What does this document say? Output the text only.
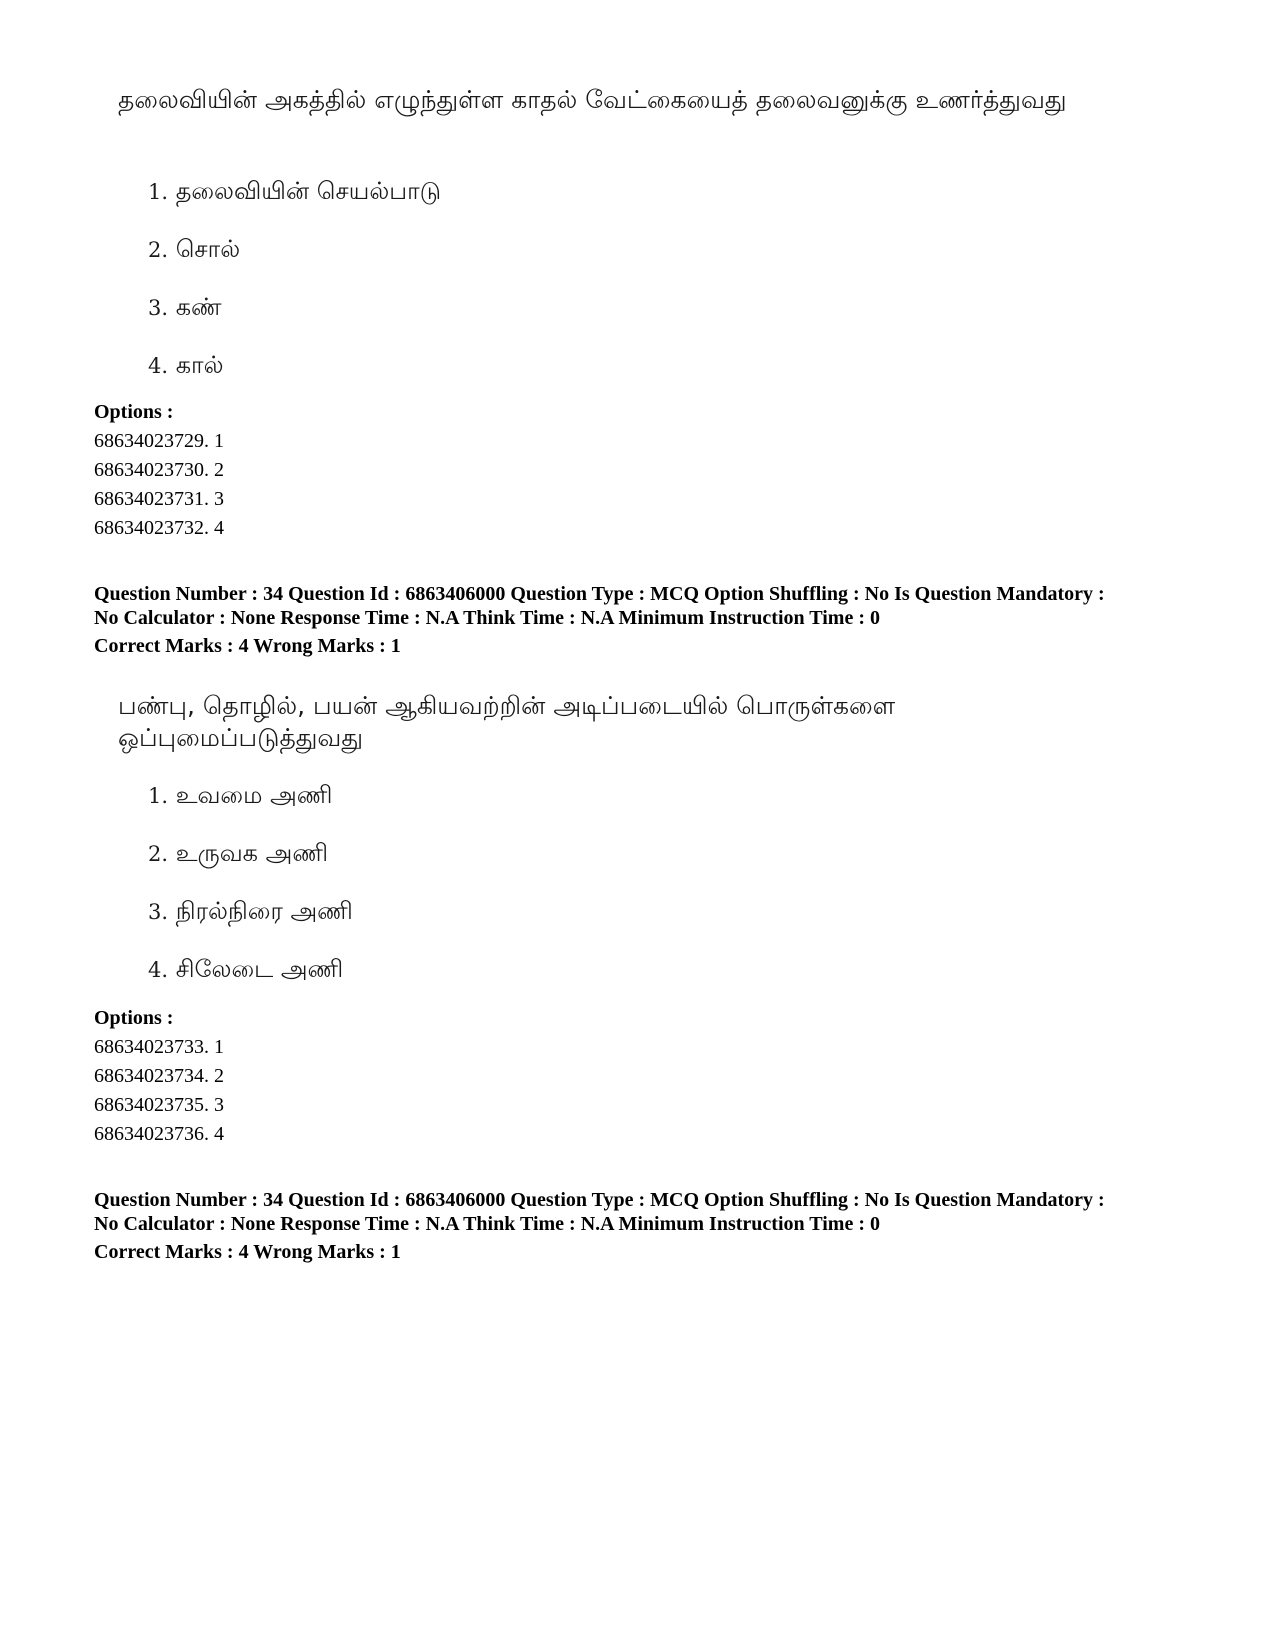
தலைவியின் அகத்தில் எழுந்துள்ள காதல் வேட்கையைத் தலைவனுக்கு உணர்த்துவது
1. தலைவியின் செயல்பாடு
2. சொல்
3. கண்
4. கால்
Options :
68634023729. 1
68634023730. 2
68634023731. 3
68634023732. 4
Question Number : 34 Question Id : 6863406000 Question Type : MCQ Option Shuffling : No Is Question Mandatory :
No Calculator : None Response Time : N.A Think Time : N.A Minimum Instruction Time : 0
Correct Marks : 4 Wrong Marks : 1
பண்பு, தொழில், பயன் ஆகியவற்றின் அடிப்படையில் பொருள்களை
ஒப்புமைப்படுத்துவது
1. உவமை அணி
2. உருவக அணி
3. நிரல்நிரை அணி
4. சிலேடை அணி
Options :
68634023733. 1
68634023734. 2
68634023735. 3
68634023736. 4
Question Number : 34 Question Id : 6863406000 Question Type : MCQ Option Shuffling : No Is Question Mandatory :
No Calculator : None Response Time : N.A Think Time : N.A Minimum Instruction Time : 0
Correct Marks : 4 Wrong Marks : 1
